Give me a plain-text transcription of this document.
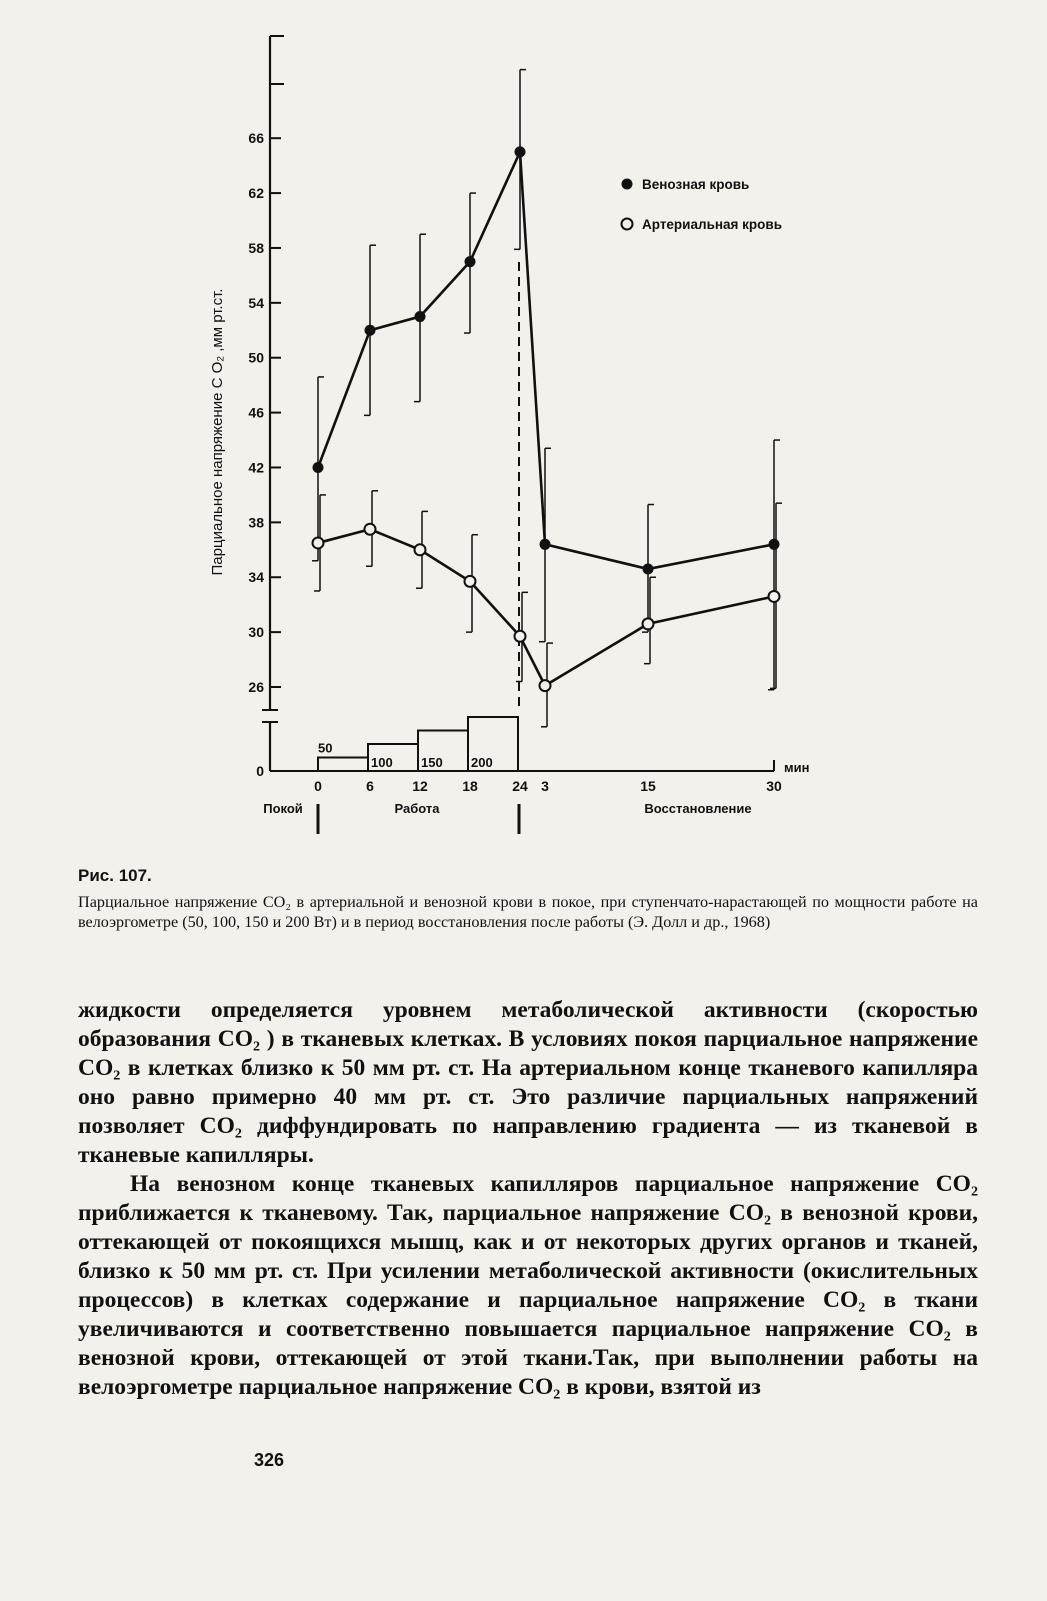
0
26
30
34
38
42
46
50
54
58
62
66
0	6	12 18 24 3	15	30
50
100 150 200
Покой	Работа	Восстановление
Венозная кровь
Артериальная кровь
Парциальное напряжение С О₂ ,мм рт.ст.
мин
Рис. 107.
Парциальное напряжение CO₂ в артериальной и венозной крови в покое, при ступенчато-нарастающей по мощности работе на велоэргометре (50, 100, 150 и 200 Вт) и в период восстановления после работы (Э. Долл и др., 1968)

жидкости определяется уровнем метаболической активности (скоростью образования CO₂ ) в тканевых клетках. В условиях покоя парциальное напряжение CO₂ в клетках близко к 50 мм рт. ст. На артериальном конце тканевого капилляра оно равно примерно 40 мм рт. ст. Это различие парциальных напряжений позволяет CO₂ диффундировать по направлению градиента — из тканевой в тканевые капилляры.

На венозном конце тканевых капилляров парциальное напряжение CO₂ приближается к тканевому. Так, парциальное напряжение CO₂ в венозной крови, оттекающей от покоящихся мышц, как и от некоторых других органов и тканей, близко к 50 мм рт. ст. При усилении метаболической активности (окислительных процессов) в клетках содержание и парциальное напряжение CO₂ в ткани увеличиваются и соответственно повышается парциальное напряжение CO₂ в венозной крови, оттекающей от этой ткани.Так, при выполнении работы на велоэргометре парциальное напряжение CO₂ в крови, взятой из

326
